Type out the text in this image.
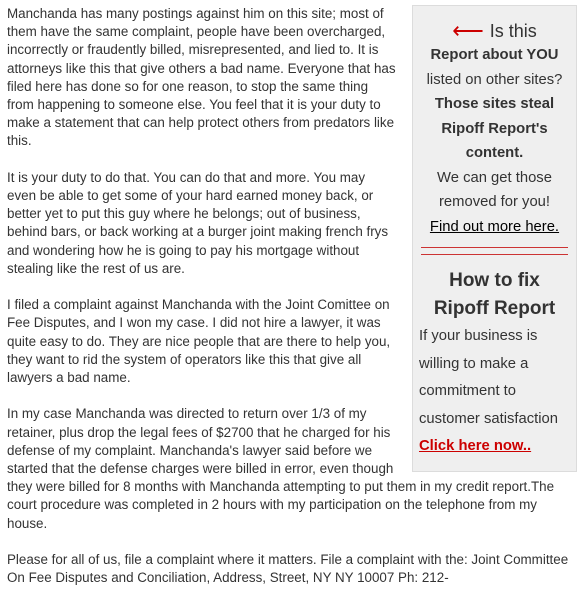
⟵ Is this
Report about YOU
listed on other sites?
Those sites steal
Ripoff Report's
content.
We can get those
removed for you!
Find out more here.
How to fix
Ripoff Report
If your business is willing to make a commitment to customer satisfaction
Click here now..

Manchanda has many postings against him on this site; most of them have the same complaint, people have been overcharged, incorrectly or fraudently billed, misrepresented, and lied to. It is attorneys like this that give others a bad name. Everyone that has filed here has done so for one reason, to stop the same thing from happening to someone else. You feel that it is your duty to make a statement that can help protect others from predators like this.

It is your duty to do that. You can do that and more. You may even be able to get some of your hard earned money back, or better yet to put this guy where he belongs; out of business, behind bars, or back working at a burger joint making french frys and wondering how he is going to pay his mortgage without stealing like the rest of us are.

I filed a complaint against Manchanda with the Joint Comittee on Fee Disputes, and I won my case. I did not hire a lawyer, it was quite easy to do. They are nice people that are there to help you, they want to rid the system of operators like this that give all lawyers a bad name.

In my case Manchanda was directed to return over 1/3 of my retainer, plus drop the legal fees of $2700 that he charged for his defense of my complaint. Manchanda's lawyer said before we started that the defense charges were billed in error, even though they were billed for 8 months with Manchanda attempting to put them in my credit report.The court procedure was completed in 2 hours with my participation on the telephone from my house.

Please for all of us, file a complaint where it matters. File a complaint with the: Joint Committee On Fee Disputes and Conciliation, Address, Street, NY NY 10007 Ph: 212-
